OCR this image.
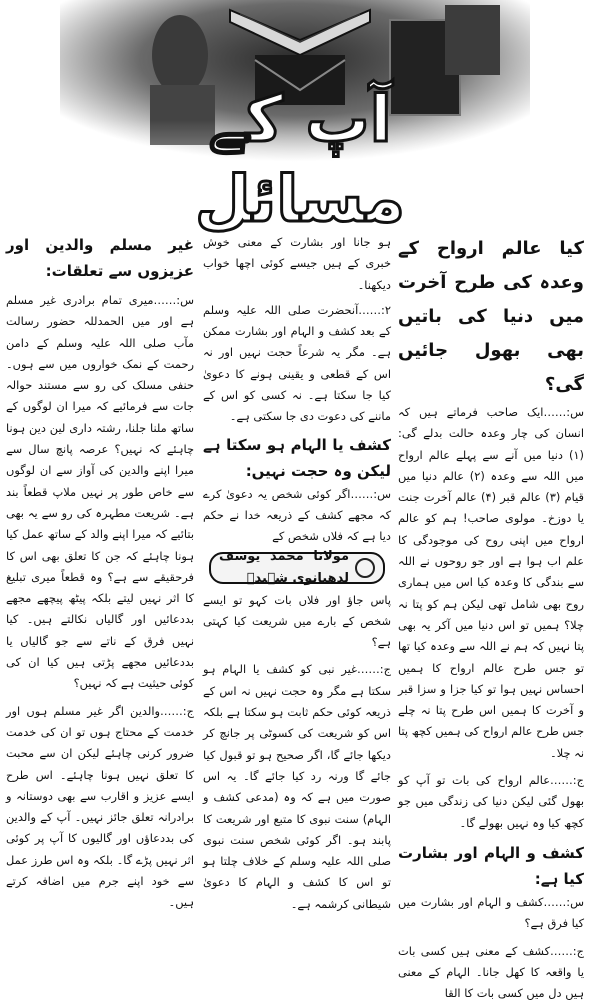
آپ کے مسائل

کیا عالم ارواح کے وعدہ کی طرح آخرت میں دنیا کی باتیں بھی بھول جائیں گی؟

س:……ایک صاحب فرماتے ہیں کہ انسان کی چار وعدہ حالت بدلے گی: (۱) دنیا میں آنے سے پہلے عالم ارواح میں اللہ سے وعدہ (۲) عالم دنیا میں قیام (۳) عالم قبر (۴) عالم آخرت جنت یا دوزخ۔ مولوی صاحب! ہم کو عالم ارواح میں اپنی روح کی موجودگی کا علم اب ہوا ہے اور جو روحوں نے اللہ سے بندگی کا وعدہ کیا اس میں ہماری روح بھی شامل تھی لیکن ہم کو پتا نہ چلا؟ ہمیں تو اس دنیا میں آکر یہ بھی پتا نہیں کہ ہم نے اللہ سے وعدہ کیا تھا تو جس طرح عالم ارواح کا ہمیں احساس نہیں ہوا تو کیا جزا و سزا قبر و آخرت کا ہمیں اس طرح پتا نہ چلے جس طرح عالم ارواح کی ہمیں کچھ پتا نہ چلا۔

ج:……عالم ارواح کی بات تو آپ کو بھول گئی لیکن دنیا کی زندگی میں جو کچھ کیا وہ نہیں بھولے گا۔

کشف و الہام اور بشارت کیا ہے:

س:……کشف و الہام اور بشارت میں کیا فرق ہے؟

ج:……کشف کے معنی ہیں کسی بات یا واقعہ کا کھل جانا۔ الہام کے معنی ہیں دل میں کسی بات کا القا

ہو جانا اور بشارت کے معنی خوش خبری کے ہیں جیسے کوئی اچھا خواب دیکھنا۔

۲:……آنحضرت صلی اللہ علیہ وسلم کے بعد کشف و الہام اور بشارت ممکن ہے۔ مگر یہ شرعاً حجت نہیں اور نہ اس کے قطعی و یقینی ہونے کا دعویٰ کیا جا سکتا ہے۔ نہ کسی کو اس کے ماننے کی دعوت دی جا سکتی ہے۔

کشف یا الہام ہو سکتا ہے لیکن وہ حجت نہیں:

س:……اگر کوئی شخص یہ دعویٰ کرے کہ مجھے کشف کے ذریعہ خدا نے حکم دیا ہے کہ فلاں شخص کے

مولانا محمد یوسف لدھیانوی شہیدؒ

پاس جاؤ اور فلاں بات کہو تو ایسے شخص کے بارے میں شریعت کیا کہتی ہے؟

ج:……غیر نبی کو کشف یا الہام ہو سکتا ہے مگر وہ حجت نہیں نہ اس کے ذریعہ کوئی حکم ثابت ہو سکتا ہے بلکہ اس کو شریعت کی کسوٹی پر جانچ کر دیکھا جائے گا، اگر صحیح ہو تو قبول کیا جائے گا ورنہ رد کیا جائے گا۔ یہ اس صورت میں ہے کہ وہ (مدعی کشف و الہام) سنت نبوی کا متبع اور شریعت کا پابند ہو۔ اگر کوئی شخص سنت نبوی صلی اللہ علیہ وسلم کے خلاف چلتا ہو تو اس کا کشف و الہام کا دعویٰ شیطانی کرشمہ ہے۔

غیر مسلم والدین اور عزیزوں سے تعلقات:

س:……میری تمام برادری غیر مسلم ہے اور میں الحمدللہ حضور رسالت مآب صلی اللہ علیہ وسلم کے دامن رحمت کے نمک خواروں میں سے ہوں۔ حنفی مسلک کی رو سے مستند حوالہ جات سے فرمائیے کہ میرا ان لوگوں کے ساتھ ملنا جلنا، رشتہ داری لین دین ہونا چاہئے کہ نہیں؟ عرصہ پانچ سال سے میرا اپنے والدین کی آواز سے ان لوگوں سے خاص طور پر نہیں ملاپ قطعاً بند ہے۔ شریعت مطہرہ کی رو سے یہ بھی بتائیے کہ میرا اپنے والد کے ساتھ عمل کیا ہونا چاہئے کہ جن کا تعلق بھی اس کا فرحقیقے سے ہے؟ وہ قطعاً میری تبلیغ کا اثر نہیں لیتے بلکہ پیٹھ پیچھے مجھے بددعائیں اور گالیاں نکالتے ہیں۔ کیا نہیں فرق کے ناتے سے جو گالیاں یا بددعائیں مجھے پڑتی ہیں کیا ان کی کوئی حیثیت ہے کہ نہیں؟

ج:……والدین اگر غیر مسلم ہوں اور خدمت کے محتاج ہوں تو ان کی خدمت ضرور کرنی چاہئے لیکن ان سے محبت کا تعلق نہیں ہونا چاہئے۔ اس طرح ایسے عزیز و اقارب سے بھی دوستانہ و برادرانہ تعلق جائز نہیں۔ آپ کے والدین کی بددعاؤں اور گالیوں کا آپ پر کوئی اثر نہیں پڑے گا۔ بلکہ وہ اس طرز عمل سے خود اپنے جرم میں اضافہ کرتے ہیں۔
